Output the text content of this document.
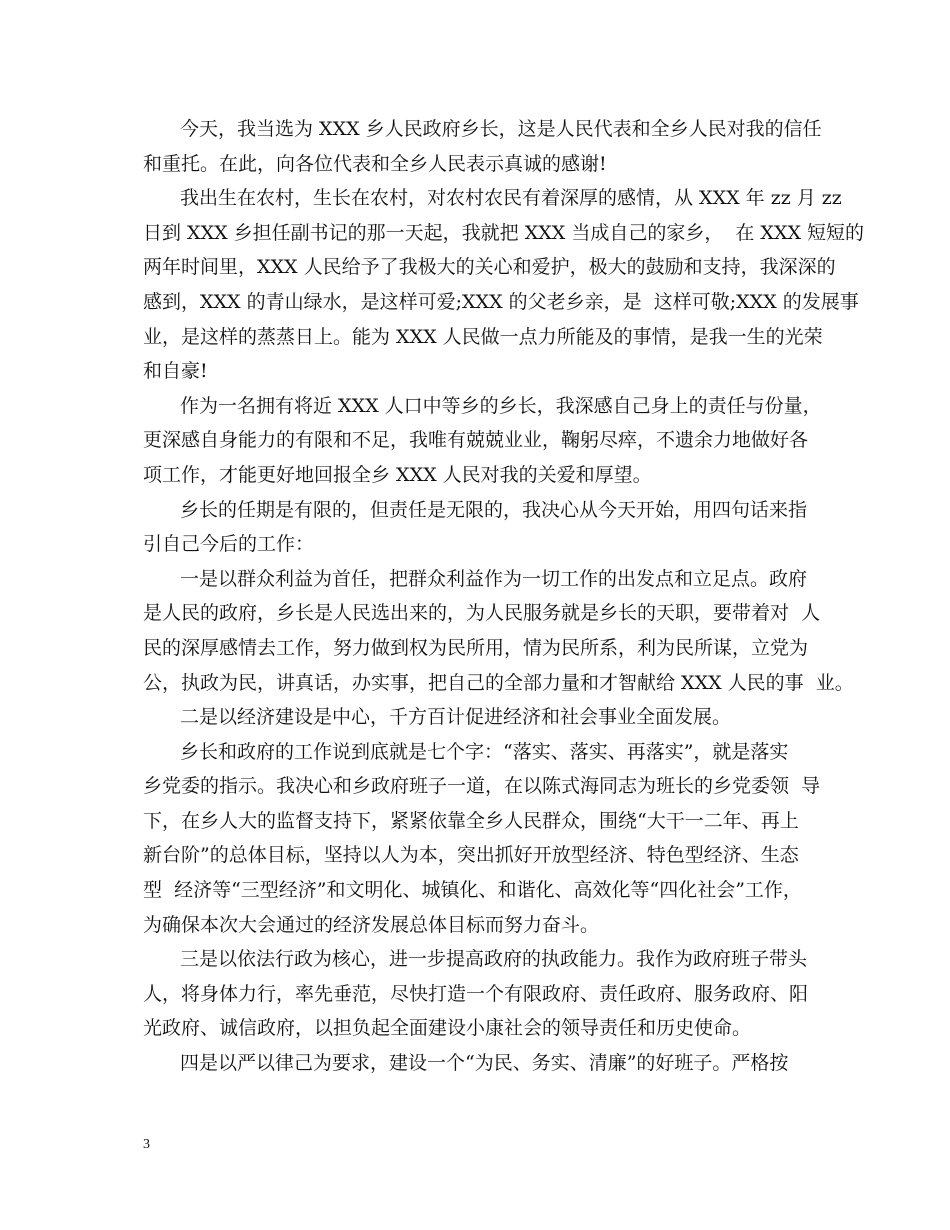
今天，我当选为 XXX 乡人民政府乡长，这是人民代表和全乡人民对我的信任
和重托。在此，向各位代表和全乡人民表示真诚的感谢!
我出生在农村，生长在农村，对农村农民有着深厚的感情，从 XXX 年 zz 月 zz
日到 XXX 乡担任副书记的那一天起，我就把 XXX 当成自己的家乡，  在 XXX 短短的
两年时间里，XXX 人民给予了我极大的关心和爱护，极大的鼓励和支持，我深深的
感到，XXX 的青山绿水，是这样可爱;XXX 的父老乡亲，是  这样可敬;XXX 的发展事
业，是这样的蒸蒸日上。能为 XXX 人民做一点力所能及的事情，是我一生的光荣
和自豪!
作为一名拥有将近 XXX 人口中等乡的乡长，我深感自己身上的责任与份量，
更深感自身能力的有限和不足，我唯有兢兢业业，鞠躬尽瘁，不遗余力地做好各
项工作，才能更好地回报全乡 XXX 人民对我的关爱和厚望。
乡长的任期是有限的，但责任是无限的，我决心从今天开始，用四句话来指
引自己今后的工作：
一是以群众利益为首任，把群众利益作为一切工作的出发点和立足点。政府
是人民的政府，乡长是人民选出来的，为人民服务就是乡长的天职，要带着对  人
民的深厚感情去工作，努力做到权为民所用，情为民所系，利为民所谋，立党为
公，执政为民，讲真话，办实事，把自己的全部力量和才智献给 XXX 人民的事  业。
二是以经济建设是中心，千方百计促进经济和社会事业全面发展。
乡长和政府的工作说到底就是七个字：“落实、落实、再落实”，就是落实
乡党委的指示。我决心和乡政府班子一道，在以陈式海同志为班长的乡党委领  导
下，在乡人大的监督支持下，紧紧依靠全乡人民群众，围绕“大干一二年、再上
新台阶”的总体目标，坚持以人为本，突出抓好开放型经济、特色型经济、生态
型  经济等“三型经济”和文明化、城镇化、和谐化、高效化等“四化社会”工作，
为确保本次大会通过的经济发展总体目标而努力奋斗。
三是以依法行政为核心，进一步提高政府的执政能力。我作为政府班子带头
人，将身体力行，率先垂范，尽快打造一个有限政府、责任政府、服务政府、阳
光政府、诚信政府，以担负起全面建设小康社会的领导责任和历史使命。
四是以严以律己为要求，建设一个“为民、务实、清廉”的好班子。严格按
3
